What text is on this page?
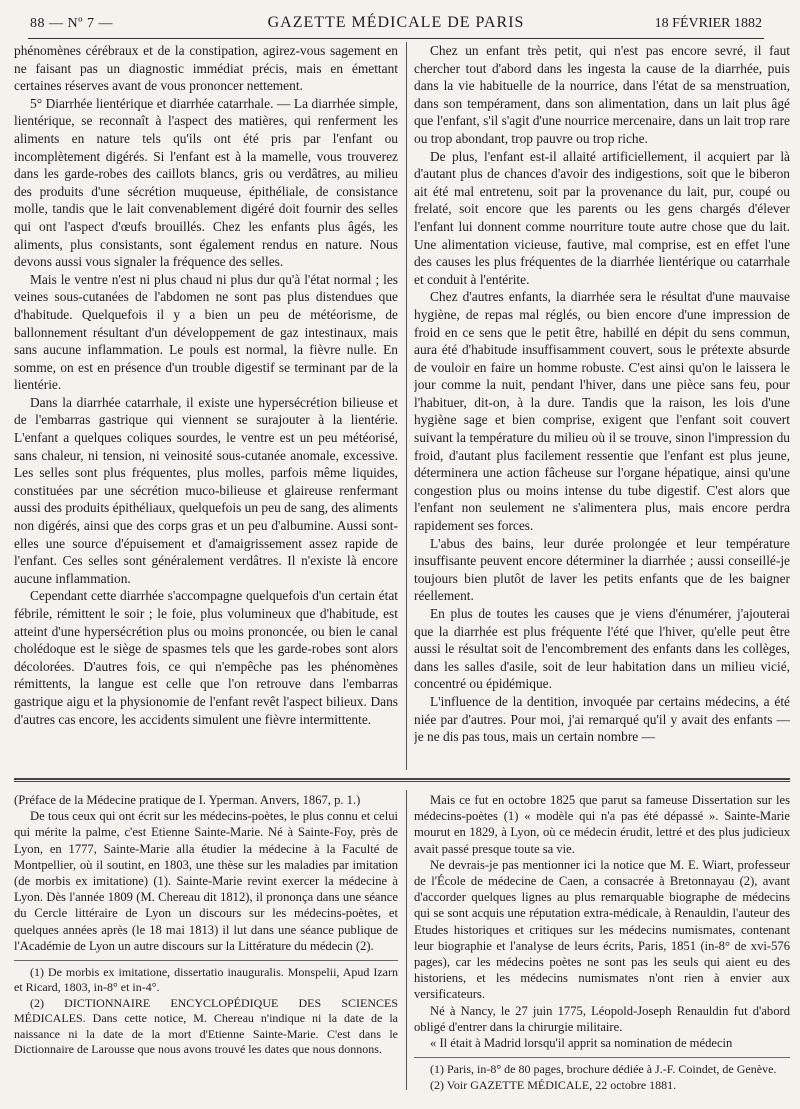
88 — Nº 7 —	GAZETTE MÉDICALE DE PARIS	18 FÉVRIER 1882

phénomènes cérébraux et de la constipation, agirez-vous sagement en ne faisant pas un diagnostic immédiat précis, mais en émettant certaines réserves avant de vous prononcer nettement.

5° Diarrhée lientérique et diarrhée catarrhale. — La diarrhée simple, lientérique, se reconnaît à l'aspect des matières, qui renferment les aliments en nature tels qu'ils ont été pris par l'enfant ou incomplètement digérés. Si l'enfant est à la mamelle, vous trouverez dans les garde-robes des caillots blancs, gris ou verdâtres, au milieu des produits d'une sécrétion muqueuse, épithéliale, de consistance molle, tandis que le lait convenablement digéré doit fournir des selles qui ont l'aspect d'œufs brouillés. Chez les enfants plus âgés, les aliments, plus consistants, sont également rendus en nature. Nous devons aussi vous signaler la fréquence des selles.

Mais le ventre n'est ni plus chaud ni plus dur qu'à l'état normal ; les veines sous-cutanées de l'abdomen ne sont pas plus distendues que d'habitude. Quelquefois il y a bien un peu de météorisme, de ballonnement résultant d'un développement de gaz intestinaux, mais sans aucune inflammation. Le pouls est normal, la fièvre nulle. En somme, on est en présence d'un trouble digestif se terminant par de la lientérie.

Dans la diarrhée catarrhale, il existe une hypersécrétion bilieuse et de l'embarras gastrique qui viennent se surajouter à la lientérie. L'enfant a quelques coliques sourdes, le ventre est un peu météorisé, sans chaleur, ni tension, ni veinosité sous-cutanée anomale, excessive. Les selles sont plus fréquentes, plus molles, parfois même liquides, constituées par une sécrétion muco-bilieuse et glaireuse renfermant aussi des produits épithéliaux, quelquefois un peu de sang, des aliments non digérés, ainsi que des corps gras et un peu d'albumine. Aussi sont-elles une source d'épuisement et d'amaigrissement assez rapide de l'enfant. Ces selles sont généralement verdâtres. Il n'existe là encore aucune inflammation.

Cependant cette diarrhée s'accompagne quelquefois d'un certain état fébrile, rémittent le soir ; le foie, plus volumineux que d'habitude, est atteint d'une hypersécrétion plus ou moins prononcée, ou bien le canal cholédoque est le siège de spasmes tels que les garde-robes sont alors décolorées. D'autres fois, ce qui n'empêche pas les phénomènes rémittents, la langue est celle que l'on retrouve dans l'embarras gastrique aigu et la physionomie de l'enfant revêt l'aspect bilieux. Dans d'autres cas encore, les accidents simulent une fièvre intermittente.

Chez un enfant très petit, qui n'est pas encore sevré, il faut chercher tout d'abord dans les ingesta la cause de la diarrhée, puis dans la vie habituelle de la nourrice, dans l'état de sa menstruation, dans son tempérament, dans son alimentation, dans un lait plus âgé que l'enfant, s'il s'agit d'une nourrice mercenaire, dans un lait trop rare ou trop abondant, trop pauvre ou trop riche.

De plus, l'enfant est-il allaité artificiellement, il acquiert par là d'autant plus de chances d'avoir des indigestions, soit que le biberon ait été mal entretenu, soit par la provenance du lait, pur, coupé ou frelaté, soit encore que les parents ou les gens chargés d'élever l'enfant lui donnent comme nourriture toute autre chose que du lait. Une alimentation vicieuse, fautive, mal comprise, est en effet l'une des causes les plus fréquentes de la diarrhée lientérique ou catarrhale et conduit à l'entérite.

Chez d'autres enfants, la diarrhée sera le résultat d'une mauvaise hygiène, de repas mal réglés, ou bien encore d'une impression de froid en ce sens que le petit être, habillé en dépit du sens commun, aura été d'habitude insuffisamment couvert, sous le prétexte absurde de vouloir en faire un homme robuste. C'est ainsi qu'on le laissera le jour comme la nuit, pendant l'hiver, dans une pièce sans feu, pour l'habituer, dit-on, à la dure. Tandis que la raison, les lois d'une hygiène sage et bien comprise, exigent que l'enfant soit couvert suivant la température du milieu où il se trouve, sinon l'impression du froid, d'autant plus facilement ressentie que l'enfant est plus jeune, déterminera une action fâcheuse sur l'organe hépatique, ainsi qu'une congestion plus ou moins intense du tube digestif. C'est alors que l'enfant non seulement ne s'alimentera plus, mais encore perdra rapidement ses forces.

L'abus des bains, leur durée prolongée et leur température insuffisante peuvent encore déterminer la diarrhée ; aussi conseillé-je toujours bien plutôt de laver les petits enfants que de les baigner réellement.

En plus de toutes les causes que je viens d'énumérer, j'ajouterai que la diarrhée est plus fréquente l'été que l'hiver, qu'elle peut être aussi le résultat soit de l'encombrement des enfants dans les collèges, dans les salles d'asile, soit de leur habitation dans un milieu vicié, concentré ou épidémique.

L'influence de la dentition, invoquée par certains médecins, a été niée par d'autres. Pour moi, j'ai remarqué qu'il y avait des enfants — je ne dis pas tous, mais un certain nombre —

(Préface de la Médecine pratique de I. Yperman. Anvers, 1867, p. 1.)

De tous ceux qui ont écrit sur les médecins-poètes, le plus connu et celui qui mérite la palme, c'est Etienne Sainte-Marie. Né à Sainte-Foy, près de Lyon, en 1777, Sainte-Marie alla étudier la médecine à la Faculté de Montpellier, où il soutint, en 1803, une thèse sur les maladies par imitation (de morbis ex imitatione) (1). Sainte-Marie revint exercer la médecine à Lyon. Dès l'année 1809 (M. Chereau dit 1812), il prononça dans une séance du Cercle littéraire de Lyon un discours sur les médecins-poètes, et quelques années après (le 18 mai 1813) il lut dans une séance publique de l'Académie de Lyon un autre discours sur la Littérature du médecin (2).

(1) De morbis ex imitatione, dissertatio inauguralis. Monspelii, Apud Izarn et Ricard, 1803, in-8° et in-4°.

(2) DICTIONNAIRE ENCYCLOPÉDIQUE DES SCIENCES MÉDICALES. Dans cette notice, M. Chereau n'indique ni la date de la naissance ni la date de la mort d'Etienne Sainte-Marie. C'est dans le Dictionnaire de Larousse que nous avons trouvé les dates que nous donnons.

Mais ce fut en octobre 1825 que parut sa fameuse Dissertation sur les médecins-poètes (1) « modèle qui n'a pas été dépassé ». Sainte-Marie mourut en 1829, à Lyon, où ce médecin érudit, lettré et des plus judicieux avait passé presque toute sa vie.

Ne devrais-je pas mentionner ici la notice que M. E. Wiart, professeur de l'École de médecine de Caen, a consacrée à Bretonnayau (2), avant d'accorder quelques lignes au plus remarquable biographe de médecins qui se sont acquis une réputation extra-médicale, à Renauldin, l'auteur des Etudes historiques et critiques sur les médecins numismates, contenant leur biographie et l'analyse de leurs écrits, Paris, 1851 (in-8° de xvi-576 pages), car les médecins poètes ne sont pas les seuls qui aient eu des historiens, et les médecins numismates n'ont rien à envier aux versificateurs.

Né à Nancy, le 27 juin 1775, Léopold-Joseph Renauldin fut d'abord obligé d'entrer dans la chirurgie militaire.

« Il était à Madrid lorsqu'il apprit sa nomination de médecin

(1) Paris, in-8° de 80 pages, brochure dédiée à J.-F. Coindet, de Genève.

(2) Voir GAZETTE MÉDICALE, 22 octobre 1881.
